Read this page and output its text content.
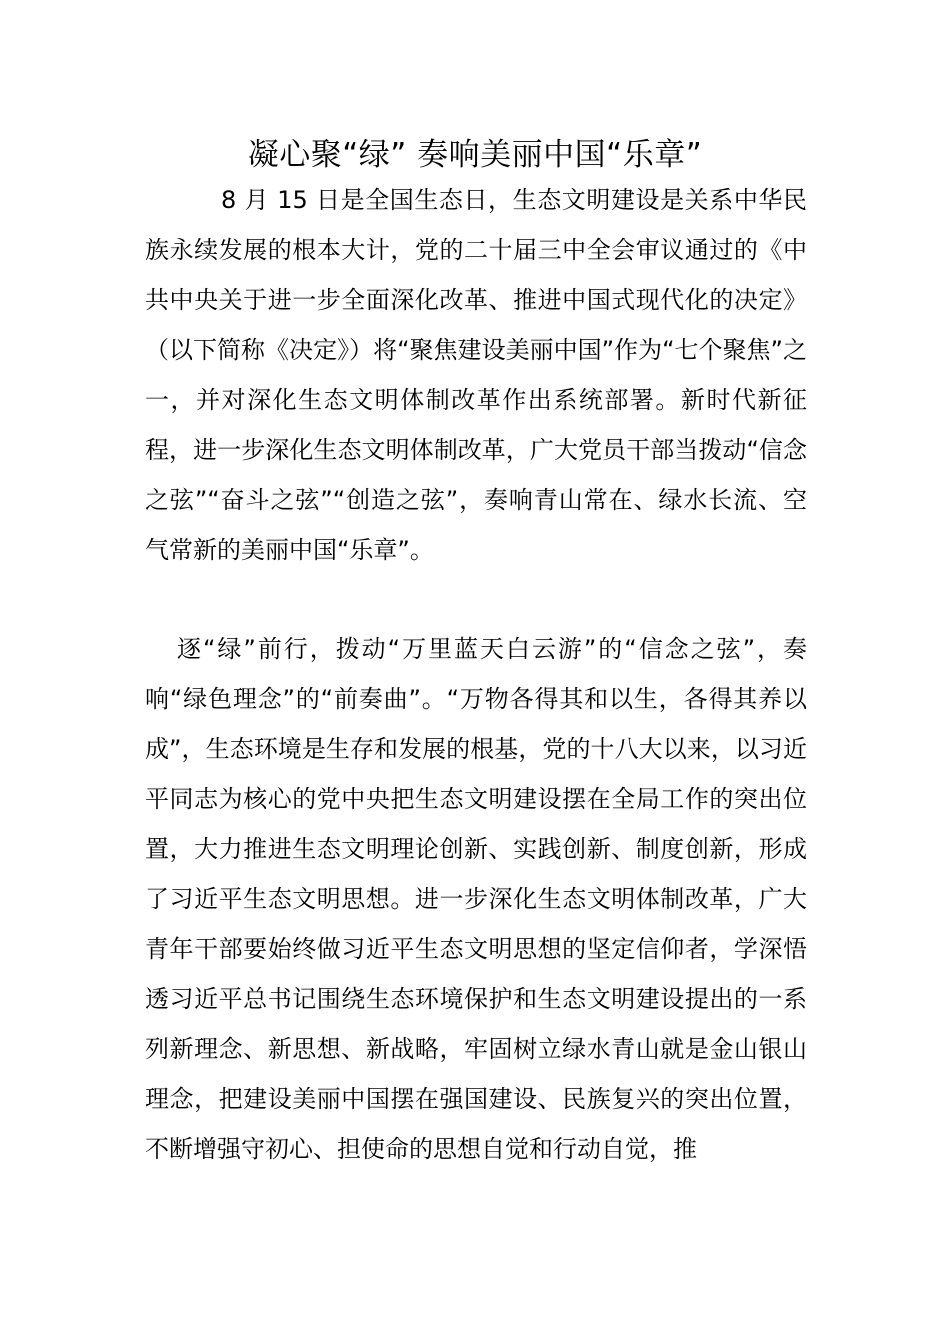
凝心聚“绿” 奏响美丽中国“乐章”

8 月 15 日是全国生态日，生态文明建设是关系中华民族永续发展的根本大计，党的二十届三中全会审议通过的《中共中央关于进一步全面深化改革、推进中国式现代化的决定》（以下简称《决定》）将“聚焦建设美丽中国”作为“七个聚焦”之一，并对深化生态文明体制改革作出系统部署。新时代新征程，进一步深化生态文明体制改革，广大党员干部当拨动“信念之弦”“奋斗之弦”“创造之弦”，奏响青山常在、绿水长流、空气常新的美丽中国“乐章”。

逐“绿”前行，拨动“万里蓝天白云游”的“信念之弦”，奏响“绿色理念”的“前奏曲”。“万物各得其和以生，各得其养以成”，生态环境是生存和发展的根基，党的十八大以来，以习近平同志为核心的党中央把生态文明建设摆在全局工作的突出位置，大力推进生态文明理论创新、实践创新、制度创新，形成了习近平生态文明思想。进一步深化生态文明体制改革，广大青年干部要始终做习近平生态文明思想的坚定信仰者，学深悟透习近平总书记围绕生态环境保护和生态文明建设提出的一系列新理念、新思想、新战略，牢固树立绿水青山就是金山银山理念，把建设美丽中国摆在强国建设、民族复兴的突出位置，不断增强守初心、担使命的思想自觉和行动自觉，推
